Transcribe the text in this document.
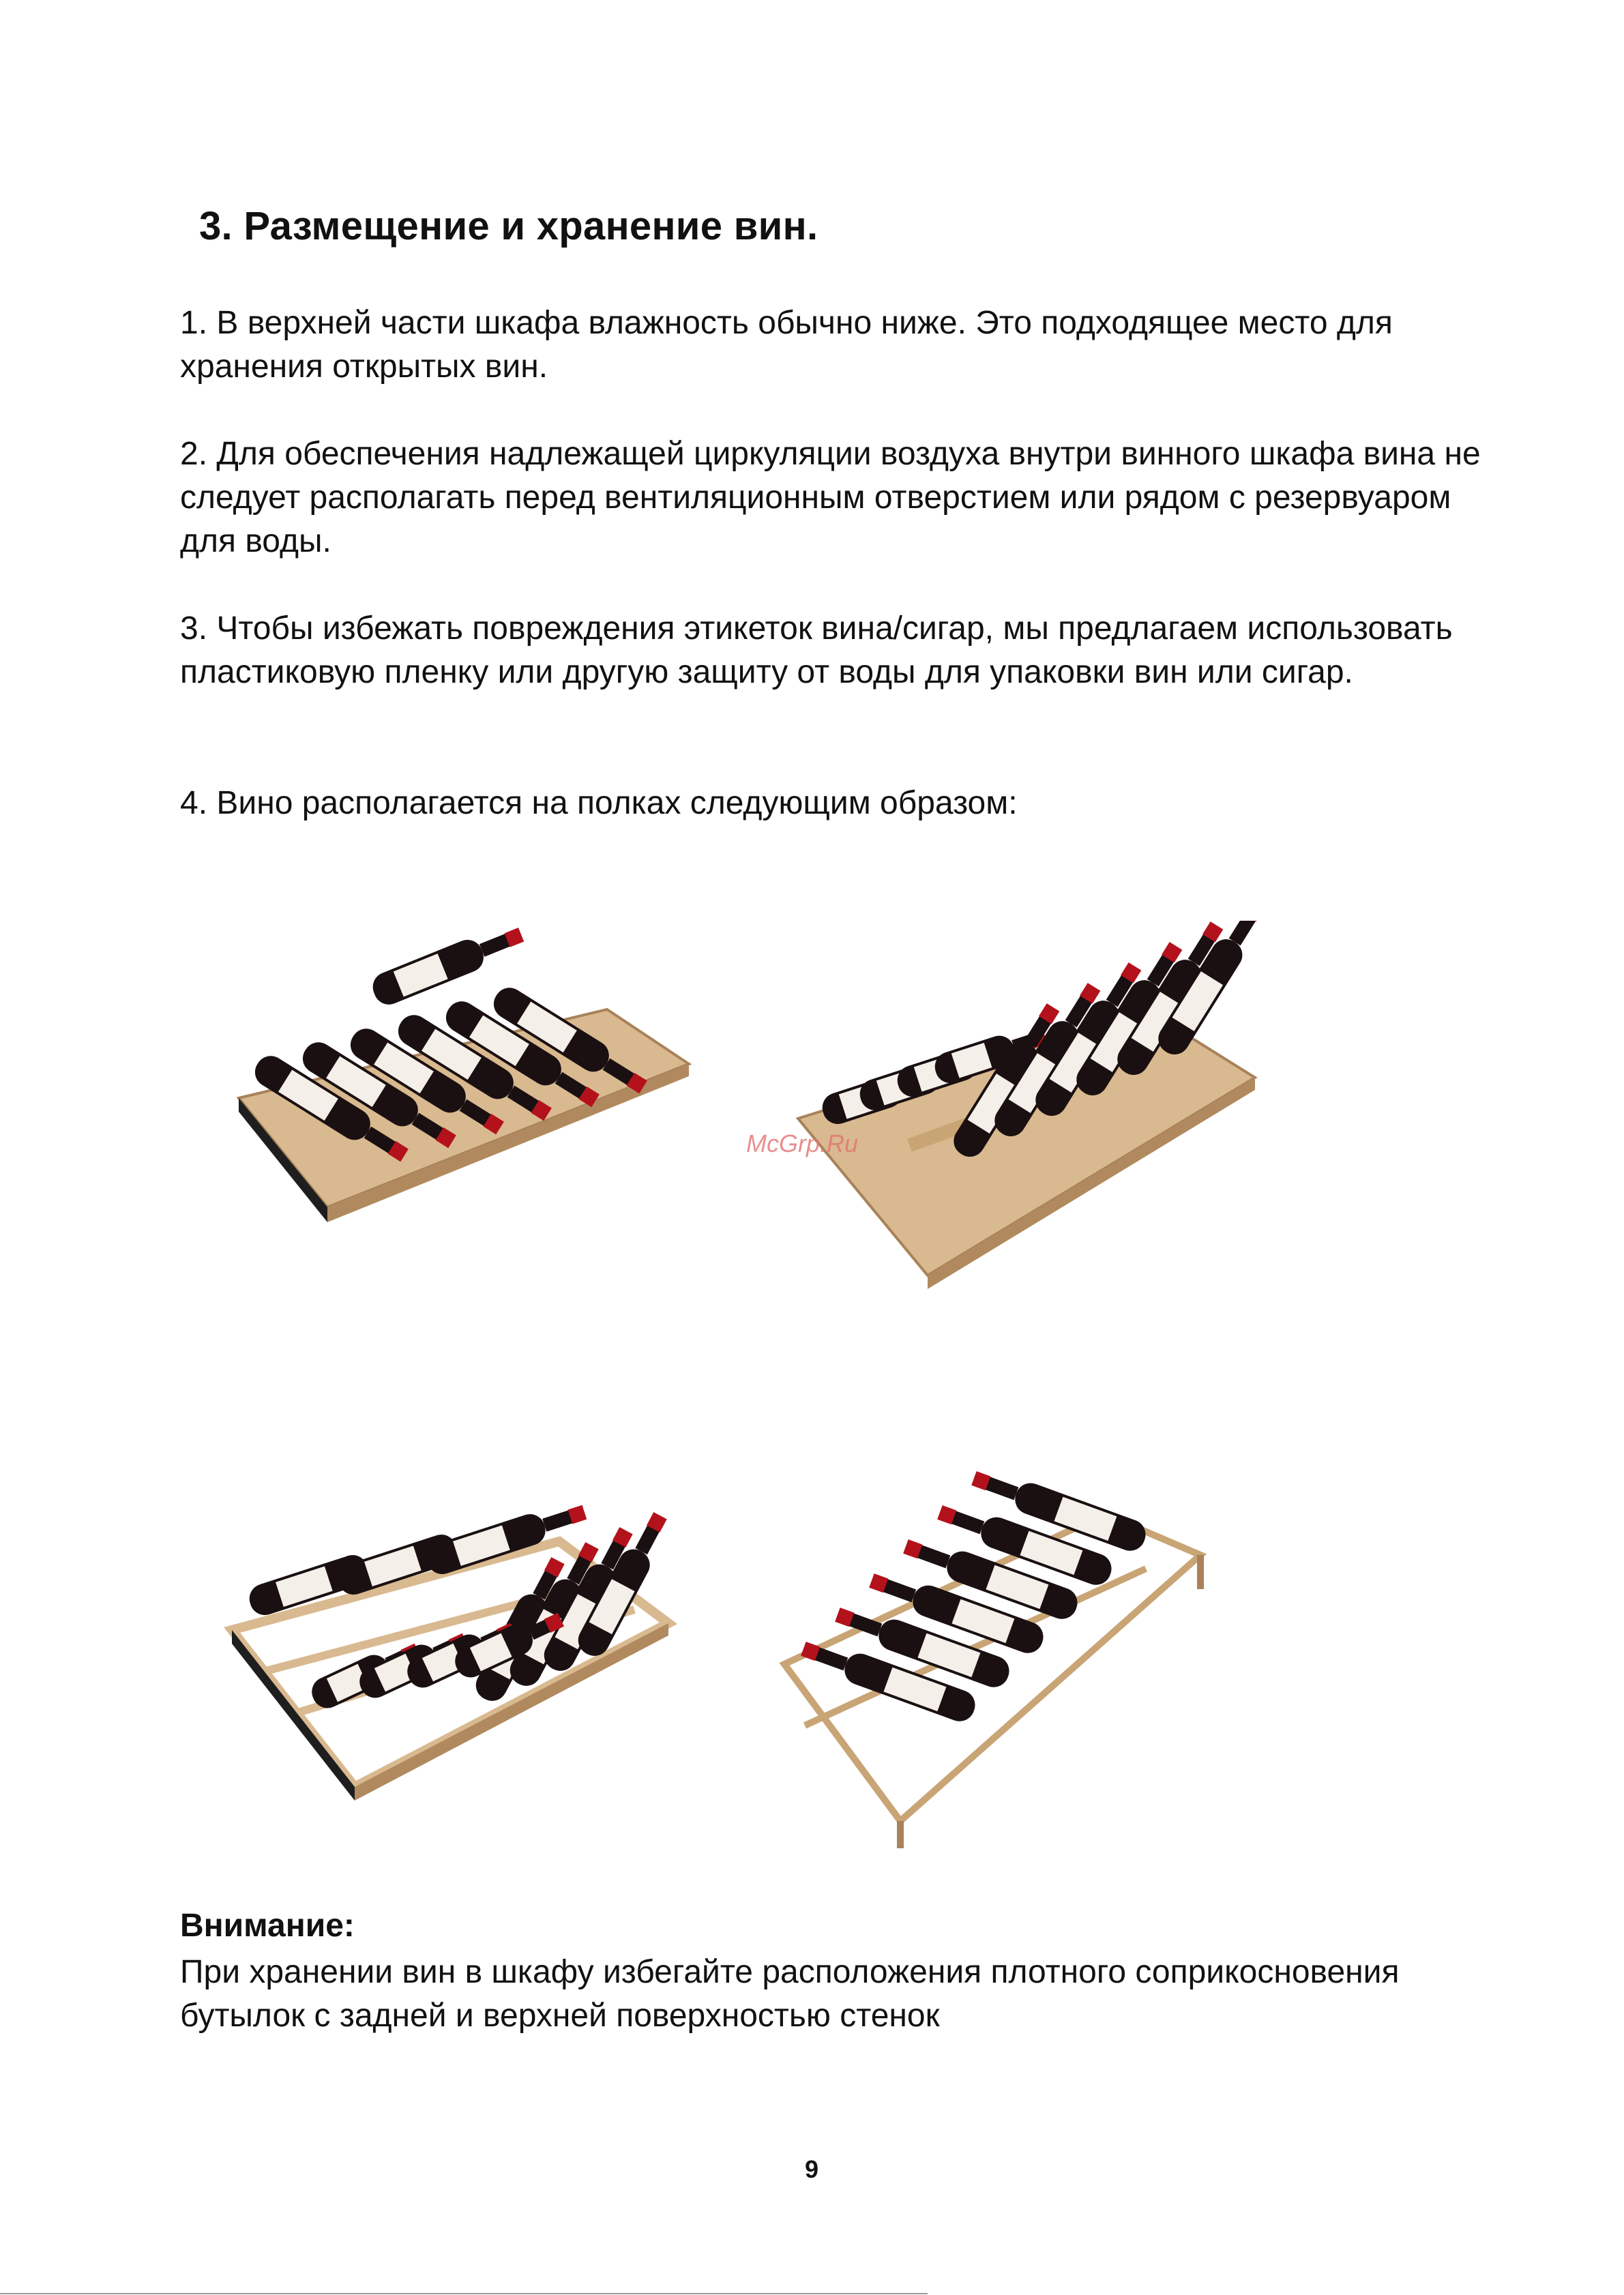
3. Размещение и хранение вин.

1. В верхней части шкафа влажность обычно ниже. Это подходящее место для хранения открытых вин.

2. Для обеспечения надлежащей циркуляции воздуха внутри винного шкафа вина не следует располагать перед вентиляционным отверстием или рядом с резервуаром для воды.

3. Чтобы избежать повреждения этикеток вина/сигар, мы предлагаем использовать пластиковую пленку или другую защиту от воды для упаковки вин или сигар.

4. Вино располагается на полках следующим образом:

McGrp.Ru
Внимание:

При хранении вин в шкафу избегайте расположения плотного соприкосновения бутылок с задней и верхней поверхностью стенок

9
